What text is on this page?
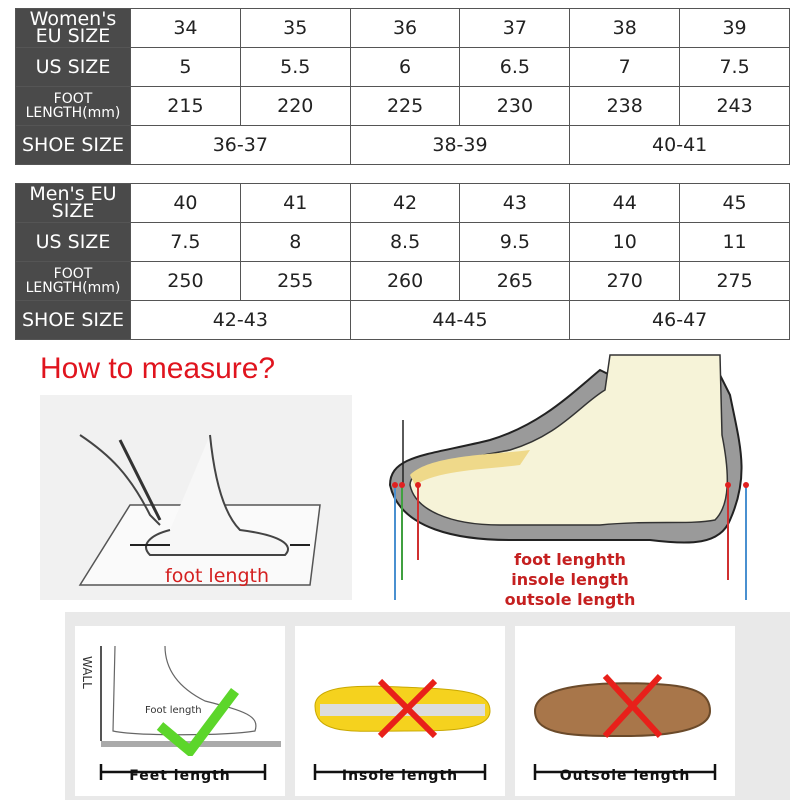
Women's EU SIZE	34	35	36	37	38	39
US SIZE	5	5.5	6	6.5	7	7.5
FOOT LENGTH(mm)	215	220	225	230	238	243
SHOE SIZE	36-37		38-39		40-41	
Men's EU SIZE	40	41	42	43	44	45
US SIZE	7.5	8	8.5	9.5	10	11
FOOT LENGTH(mm)	250	255	260	265	270	275
SHOE SIZE	42-43		44-45		46-47	
How to measure?
foot length
foot lenghth
insole length
outsole length
WALL
Foot length
Feet length	Insole length	Outsole length
